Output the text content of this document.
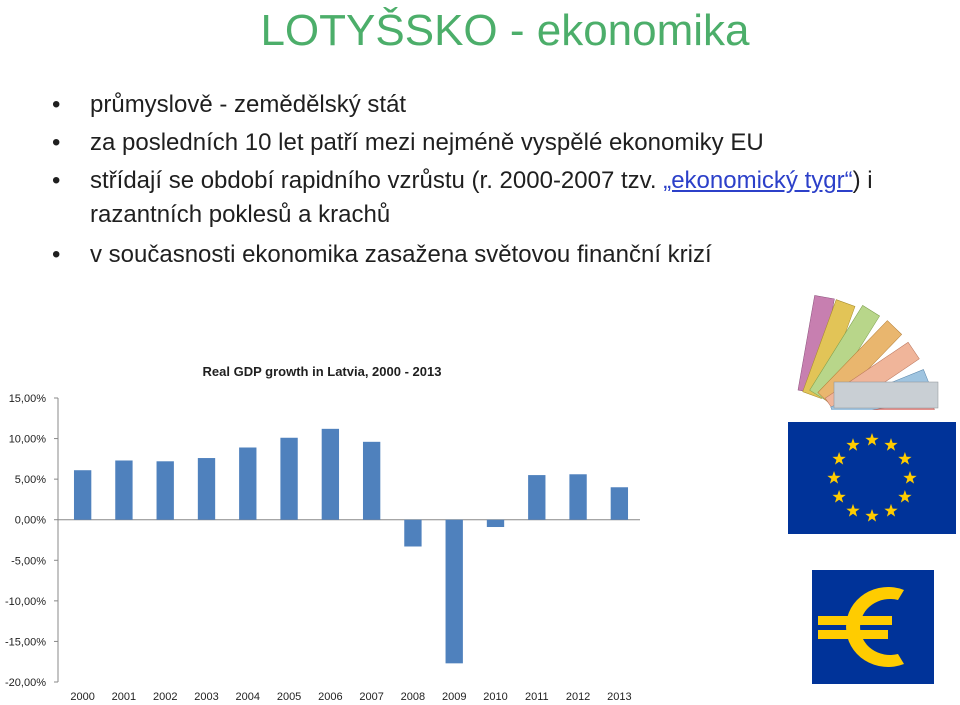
LOTYŠSKO - ekonomika
• průmyslově - zemědělský stát
• za posledních 10 let patří mezi nejméně vyspělé ekonomiky EU
• střídají se období rapidního vzrůstu (r. 2000-2007 tzv. „ekonomický tygr“) i razantních poklesů a krachů
• v současnosti ekonomika zasažena světovou finanční krizí
Real GDP growth in Latvia, 2000 - 2013
15,00%
10,00%
5,00%
0,00%
-5,00%
-10,00%
-15,00%
-20,00%
2000 2001 2002 2003 2004 2005 2006 2007 2008 2009 2010 2011 2012 2013
